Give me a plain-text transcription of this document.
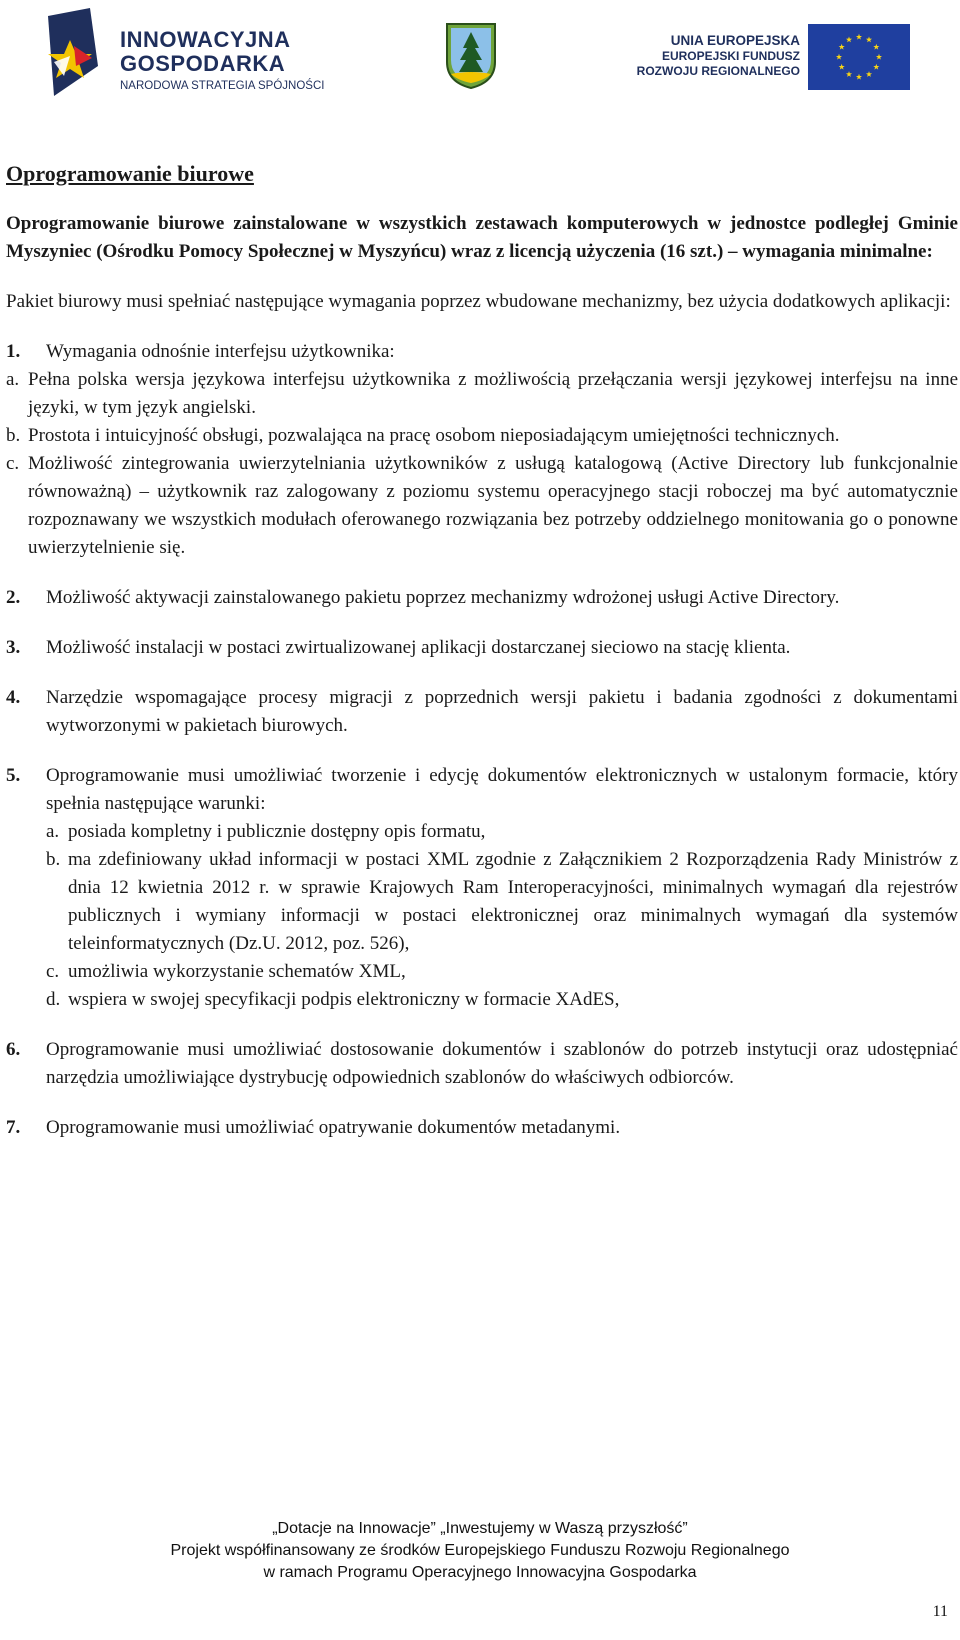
INNOWACYJNA
GOSPODARKA
NARODOWA STRATEGIA SPÓJNOŚCI
UNIA EUROPEJSKA
EUROPEJSKI FUNDUSZ
ROZWOJU REGIONALNEGO
Oprogramowanie biurowe

Oprogramowanie biurowe zainstalowane w wszystkich zestawach komputerowych w jednostce podległej Gminie Myszyniec (Ośrodku Pomocy Społecznej w Myszyńcu) wraz z licencją użyczenia (16 szt.) – wymagania minimalne:

Pakiet biurowy musi spełniać następujące wymagania poprzez wbudowane mechanizmy, bez użycia dodatkowych aplikacji:

1.	Wymagania odnośnie interfejsu użytkownika:

a. Pełna polska wersja językowa interfejsu użytkownika z możliwością przełączania wersji językowej interfejsu na inne języki, w tym język angielski.

b. Prostota i intuicyjność obsługi, pozwalająca na pracę osobom nieposiadającym umiejętności technicznych.

c. Możliwość zintegrowania uwierzytelniania użytkowników z usługą katalogową (Active Directory lub funkcjonalnie równoważną) – użytkownik raz zalogowany z poziomu systemu operacyjnego stacji roboczej ma być automatycznie rozpoznawany we wszystkich modułach oferowanego rozwiązania bez potrzeby oddzielnego monitowania go o ponowne uwierzytelnienie się.

2. Możliwość aktywacji zainstalowanego pakietu poprzez mechanizmy wdrożonej usługi Active Directory.

3. Możliwość instalacji w postaci zwirtualizowanej aplikacji dostarczanej sieciowo na stację klienta.

4. Narzędzie wspomagające procesy migracji z poprzednich wersji pakietu i badania zgodności z dokumentami wytworzonymi w pakietach biurowych.

5. Oprogramowanie musi umożliwiać tworzenie i edycję dokumentów elektronicznych w ustalonym formacie, który spełnia następujące warunki:

a. posiada kompletny i publicznie dostępny opis formatu,

b. ma zdefiniowany układ informacji w postaci XML zgodnie z Załącznikiem 2 Rozporządzenia Rady Ministrów z dnia 12 kwietnia 2012 r. w sprawie Krajowych Ram Interoperacyjności, minimalnych wymagań dla rejestrów publicznych i wymiany informacji w postaci elektronicznej oraz minimalnych wymagań dla systemów teleinformatycznych (Dz.U. 2012, poz. 526),

c. umożliwia wykorzystanie schematów XML,

d. wspiera w swojej specyfikacji podpis elektroniczny w formacie XAdES,

6. Oprogramowanie musi umożliwiać dostosowanie dokumentów i szablonów do potrzeb instytucji oraz udostępniać narzędzia umożliwiające dystrybucję odpowiednich szablonów do właściwych odbiorców.

7. Oprogramowanie musi umożliwiać opatrywanie dokumentów metadanymi.

„Dotacje na Innowacje” „Inwestujemy w Waszą przyszłość”
Projekt współfinansowany ze środków Europejskiego Funduszu Rozwoju Regionalnego
w ramach Programu Operacyjnego Innowacyjna Gospodarka
11
